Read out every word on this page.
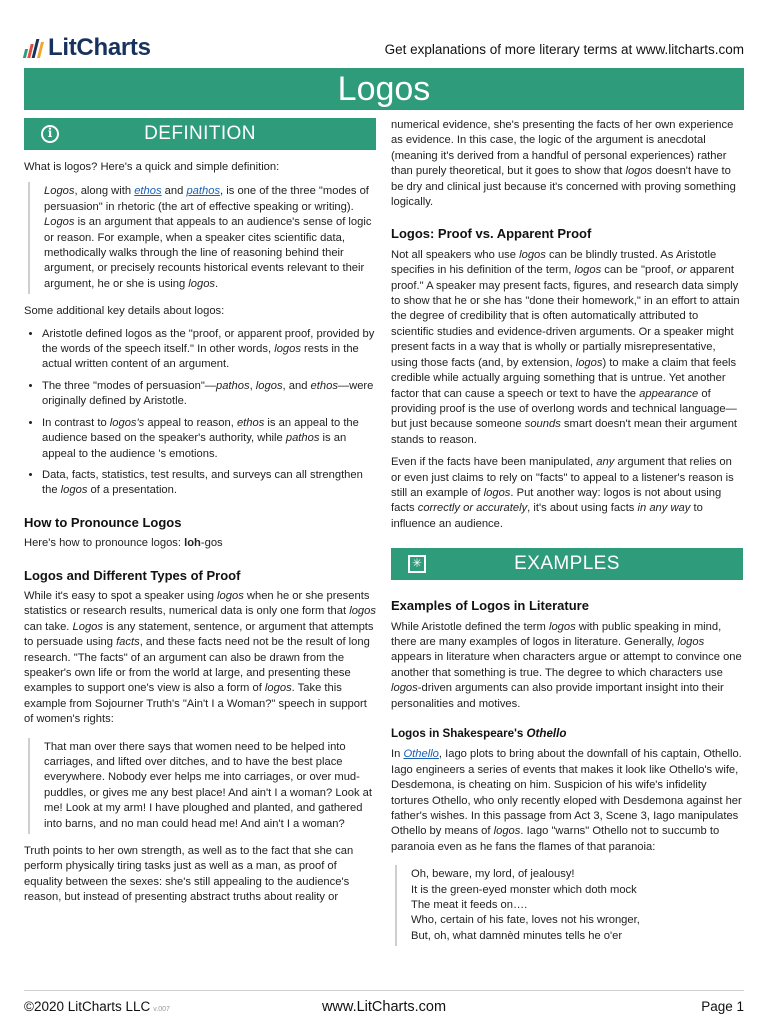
LitCharts	Get explanations of more literary terms at www.litcharts.com
Logos
i	DEFINITION

What is logos? Here's a quick and simple definition:

Logos, along with ethos and pathos, is one of the three "modes of persuasion" in rhetoric (the art of effective speaking or writing). Logos is an argument that appeals to an audience's sense of logic or reason. For example, when a speaker cites scientific data, methodically walks through the line of reasoning behind their argument, or precisely recounts historical events relevant to their argument, he or she is using logos.

Some additional key details about logos:

• Aristotle defined logos as the "proof, or apparent proof, provided by the words of the speech itself." In other words, logos rests in the actual written content of an argument.
• The three "modes of persuasion"—pathos, logos, and ethos—were originally defined by Aristotle.
• In contrast to logos's appeal to reason, ethos is an appeal to the audience based on the speaker's authority, while pathos is an appeal to the audience 's emotions.
• Data, facts, statistics, test results, and surveys can all strengthen the logos of a presentation.
How to Pronounce Logos

Here's how to pronounce logos: loh-gos

Logos and Different Types of Proof

While it's easy to spot a speaker using logos when he or she presents statistics or research results, numerical data is only one form that logos can take. Logos is any statement, sentence, or argument that attempts to persuade using facts, and these facts need not be the result of long research. "The facts" of an argument can also be drawn from the speaker's own life or from the world at large, and presenting these examples to support one's view is also a form of logos. Take this example from Sojourner Truth's "Ain't I a Woman?" speech in support of women's rights:

That man over there says that women need to be helped into carriages, and lifted over ditches, and to have the best place everywhere. Nobody ever helps me into carriages, or over mud-puddles, or gives me any best place! And ain't I a woman? Look at me! Look at my arm! I have ploughed and planted, and gathered into barns, and no man could head me! And ain't I a woman?

Truth points to her own strength, as well as to the fact that she can perform physically tiring tasks just as well as a man, as proof of equality between the sexes: she's still appealing to the audience's reason, but instead of presenting abstract truths about reality or

numerical evidence, she's presenting the facts of her own experience as evidence. In this case, the logic of the argument is anecdotal (meaning it's derived from a handful of personal experiences) rather than purely theoretical, but it goes to show that logos doesn't have to be dry and clinical just because it's concerned with proving something logically.

Logos: Proof vs. Apparent Proof

Not all speakers who use logos can be blindly trusted. As Aristotle specifies in his definition of the term, logos can be "proof, or apparent proof." A speaker may present facts, figures, and research data simply to show that he or she has "done their homework," in an effort to attain the degree of credibility that is often automatically attributed to scientific studies and evidence-driven arguments. Or a speaker might present facts in a way that is wholly or partially misrepresentative, using those facts (and, by extension, logos) to make a claim that feels credible while actually arguing something that is untrue. Yet another factor that can cause a speech or text to have the appearance of providing proof is the use of overlong words and technical language—but just because someone sounds smart doesn't mean their argument stands to reason.

Even if the facts have been manipulated, any argument that relies on or even just claims to rely on "facts" to appeal to a listener's reason is still an example of logos. Put another way: logos is not about using facts correctly or accurately, it's about using facts in any way to influence an audience.

✳	EXAMPLES
Examples of Logos in Literature

While Aristotle defined the term logos with public speaking in mind, there are many examples of logos in literature. Generally, logos appears in literature when characters argue or attempt to convince one another that something is true. The degree to which characters use logos-driven arguments can also provide important insight into their personalities and motives.

Logos in Shakespeare's Othello

In Othello, Iago plots to bring about the downfall of his captain, Othello. Iago engineers a series of events that makes it look like Othello's wife, Desdemona, is cheating on him. Suspicion of his wife's infidelity tortures Othello, who only recently eloped with Desdemona against her father's wishes. In this passage from Act 3, Scene 3, Iago manipulates Othello by means of logos. Iago "warns" Othello not to succumb to paranoia even as he fans the flames of that paranoia:

Oh, beware, my lord, of jealousy!
It is the green-eyed monster which doth mock
The meat it feeds on….
Who, certain of his fate, loves not his wronger,
But, oh, what damnèd minutes tells he o'er
©2020 LitCharts LLC v.007	www.LitCharts.com	Page 1
